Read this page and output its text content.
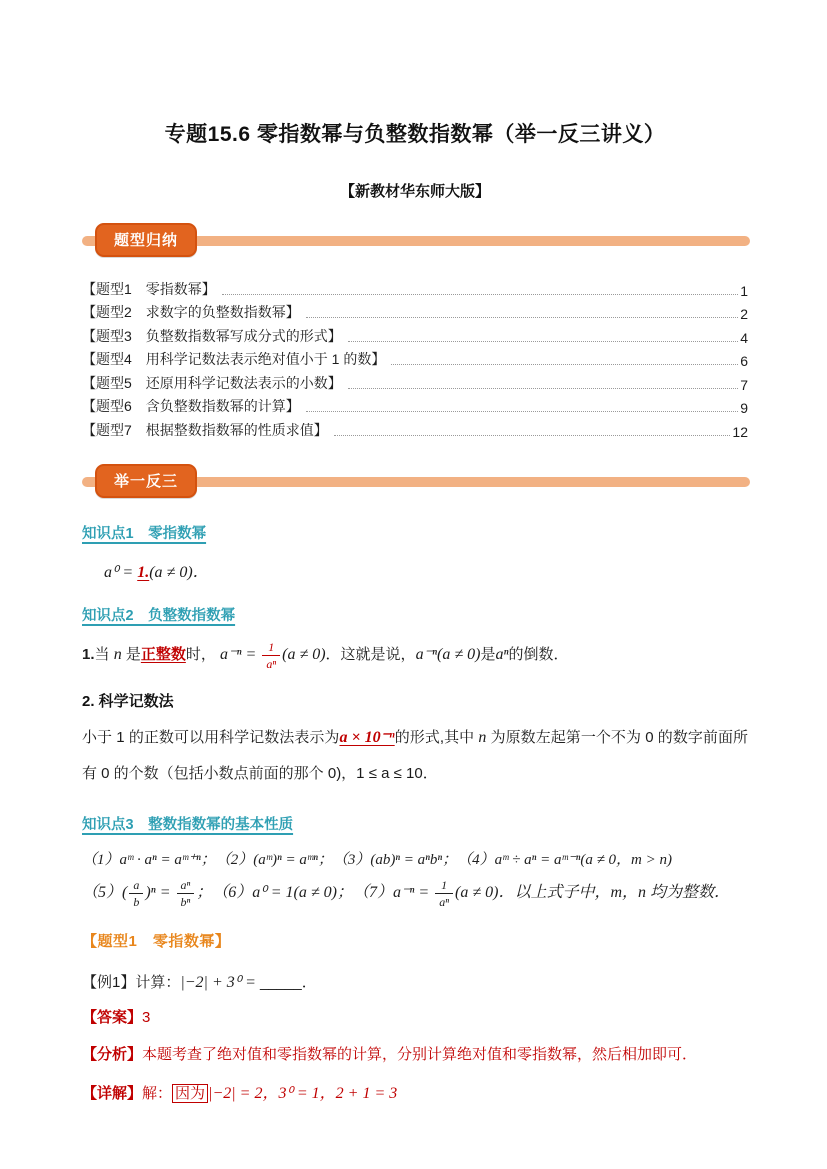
专题15.6 零指数幂与负整数指数幂（举一反三讲义）
【新教材华东师大版】
题型归纳
【题型1　零指数幂】	1
【题型2　求数字的负整数指数幂】	2
【题型3　负整数指数幂写成分式的形式】	4
【题型4　用科学记数法表示绝对值小于 1 的数】	6
【题型5　还原用科学记数法表示的小数】	7
【题型6　含负整数指数幂的计算】	9
【题型7　根据整数指数幂的性质求值】	12
举一反三
知识点1　零指数幂
a⁰ = 1.(a ≠ 0)．
知识点2　负整数指数幂
1.当 n 是正整数时， $a^{-n} = \frac{1}{\text{aⁿ}} (a \ne 0)$．这就是说，a⁻ⁿ(a ≠ 0)是aⁿ的倒数．
2. 科学记数法
小于 1 的正数可以用科学记数法表示为a × 10⁻ⁿ的形式,其中 n 为原数左起第一个不为 0 的数字前面所有 0 的个数（包括小数点前面的那个 0)，1 ≤ a ≤ 10．
知识点3　整数指数幂的基本性质
（1）aᵐ · aⁿ = aᵐ⁺ⁿ；　（2）(aᵐ)ⁿ = aᵐⁿ；　（3）(ab)ⁿ = aⁿbⁿ；　（4）aᵐ ÷ aⁿ = aᵐ⁻ⁿ(a ≠ 0，m > n)
$(5)( \frac{a}{b} )^n = \frac{\text{aⁿ}}{\text{bⁿ}}$ ；　（6）a⁰ = 1(a ≠ 0)；　$(7)a^{-n} = \frac{1}{\text{aⁿ}} (a \ne 0)$．以上式子中，m，n 均为整数．
【题型1　零指数幂】
【例1】计算：|−2| + 3⁰ = _____．
【答案】3
【分析】本题考查了绝对值和零指数幂的计算，分别计算绝对值和零指数幂，然后相加即可．
【详解】解： 因为 |−2| = 2，3⁰ = 1，2 + 1 = 3
